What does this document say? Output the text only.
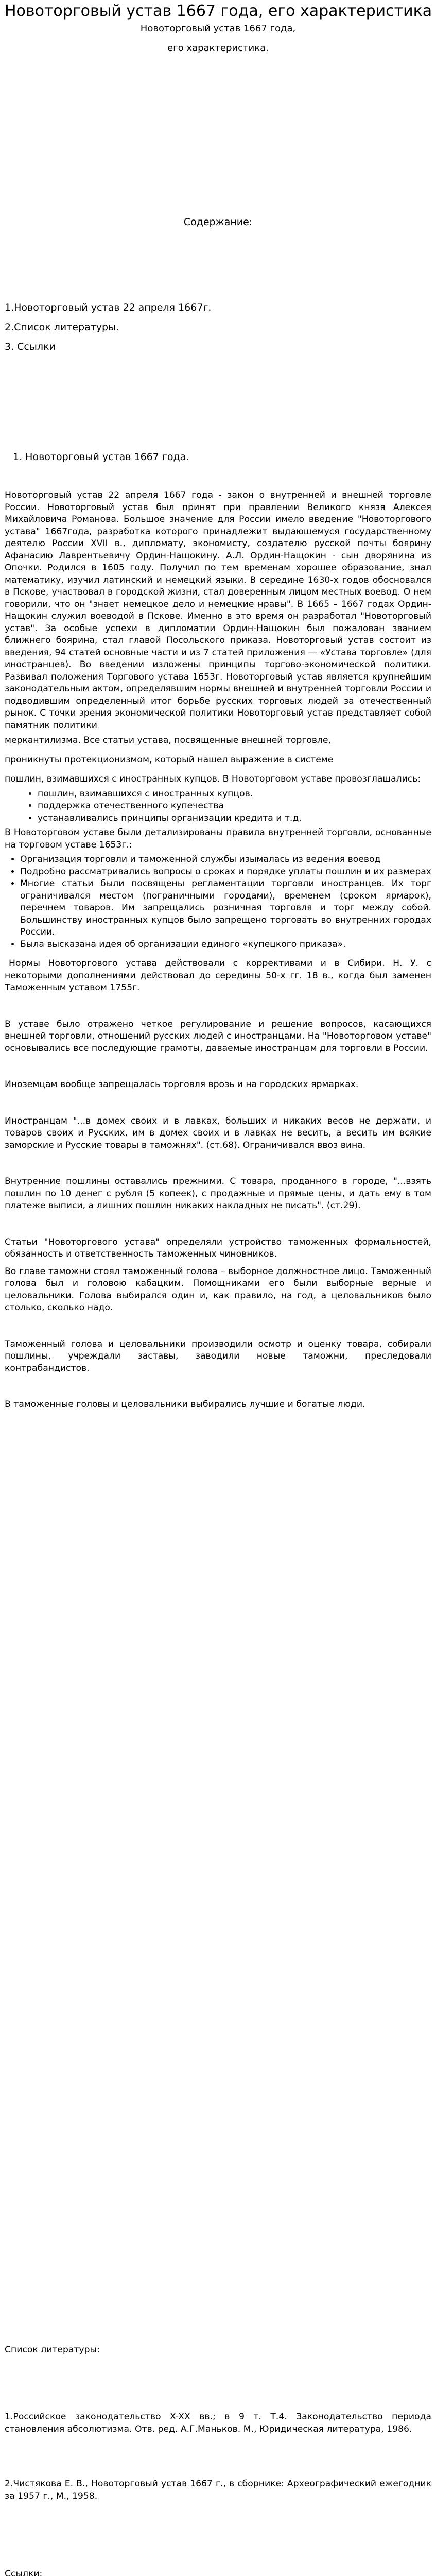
Новоторговый устав 1667 года, его характеристика

Новоторговый устав 1667 года,

его характеристика.

Содержание:

1.Новоторговый устав 22 апреля 1667г.
2.Список литературы.
3. Ссылки
1. Новоторговый устав 1667 года.

Новоторговый устав 22 апреля 1667 года - закон о внутренней и внешней торговле России. Новоторговый устав был принят при правлении Великого князя Алексея Михайловича Романова. Большое значение для России имело введение "Новоторгового устава" 1667года, разработка которого принадлежит выдающемуся государственному деятелю России XVII в., дипломату, экономисту, создателю русской почты боярину Афанасию Лаврентьевичу Ордин-Нащокину. А.Л. Ордин-Нащокин - сын дворянина из Опочки. Родился в 1605 году. Получил по тем временам хорошее образование, знал математику, изучил латинский и немецкий языки. В середине 1630-х годов обосновался в Пскове, участвовал в городской жизни, стал доверенным лицом местных воевод. О нем говорили, что он "знает немецкое дело и немецкие нравы". В 1665 – 1667 годах Ордин-Нащокин служил воеводой в Пскове. Именно в это время он разработал "Новоторговый устав". За особые успехи в дипломатии Ордин-Нащокин был пожалован званием ближнего боярина, стал главой Посольского приказа. Новоторговый устав состоит из введения, 94 статей основные части и из 7 статей приложения — «Устава торговле» (для иностранцев). Во введении изложены принципы торгово-экономической политики. Развивал положения Торгового устава 1653г. Новоторговый устав является крупнейшим законодательным актом, определявшим нормы внешней и внутренней торговли России и подводившим определенный итог борьбе русских торговых людей за отечественный рынок. С точки зрения экономической политики Новоторговый устав представляет собой памятник политики

меркантилизма. Все статьи устава, посвященные внешней торговле,

проникнуты протекционизмом, который нашел выражение в системе

пошлин, взимавшихся с иностранных купцов. В Новоторговом уставе провозглашались:

• пошлин, взимавшихся с иностранных купцов.
• поддержка отечественного купечества
• устанавливались принципы организации кредита и т.д.

В Новоторговом уставе были детализированы правила внутренней торговли, основанные на торговом уставе 1653г.:

• Организация торговли и таможенной службы изымалась из ведения воевод
• Подробно рассматривались вопросы о сроках и порядке уплаты пошлин и их размерах
• Многие статьи были посвящены регламентации торговли иностранцев. Их торг ограничивался местом (пограничными городами), временем (сроком ярмарок), перечнем товаров. Им запрещались розничная торговля и торг между собой. Большинству иностранных купцов было запрещено торговать во внутренних городах России.
• Была высказана идея об организации единого «купецкого приказа».

Нормы Новоторгового устава действовали с коррективами и в Сибири. Н. У. с некоторыми дополнениями действовал до середины 50-х гг. 18 в., когда был заменен Таможенным уставом 1755г.

В уставе было отражено четкое регулирование и решение вопросов, касающихся внешней торговли, отношений русских людей с иностранцами. На "Новоторговом уставе" основывались все последующие грамоты, даваемые иностранцам для торговли в России.

Иноземцам вообще запрещалась торговля врозь и на городских ярмарках.

Иностранцам "...в домех своих и в лавках, больших и никаких весов не держати, и товаров своих и Русских, им в домех своих и в лавках не весить, а весить им всякие заморские и Русские товары в таможнях". (ст.68). Ограничивался ввоз вина.

Внутренние пошлины оставались прежними. С товара, проданного в городе, "...взять пошлин по 10 денег с рубля (5 копеек), с продажные и прямые цены, и дать ему в том платеже выписи, а лишних пошлин никаких накладных не писать". (ст.29).

Статьи "Новоторгового устава" определяли устройство таможенных формальностей, обязанность и ответственность таможенных чиновников.

Во главе таможни стоял таможенный голова – выборное должностное лицо. Таможенный голова был и головою кабацким. Помощниками его были выборные верные и целовальники. Голова выбирался один и, как правило, на год, а целовальников было столько, сколько надо.

Таможенный голова и целовальники производили осмотр и оценку товара, собирали пошлины, учреждали заставы, заводили новые таможни, преследовали контрабандистов.

В таможенные головы и целовальники выбирались лучшие и богатые люди.

Список литературы:

1.Российское законодательство X-XX вв.; в 9 т. Т.4. Законодательство периода становления абсолютизма. Отв. ред. А.Г.Маньков. М., Юридическая литература, 1986.

2.Чистякова Е. В., Новоторговый устав 1667 г., в сборнике: Археографический ежегодник за 1957 г., М., 1958.

Ссылки:
